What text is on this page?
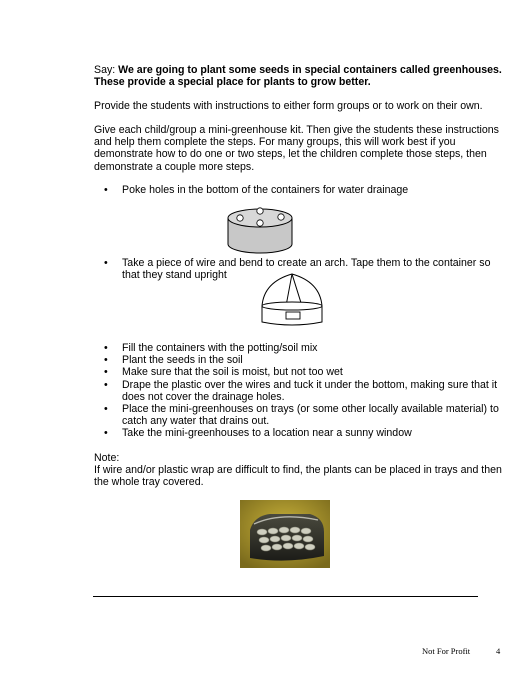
Say: We are going to plant some seeds in special containers called greenhouses. These provide a special place for plants to grow better.

Provide the students with instructions to either form groups or to work on their own.

Give each child/group a mini-greenhouse kit. Then give the students these instructions and help them complete the steps. For many groups, this will work best if you demonstrate how to do one or two steps, let the children complete those steps, then demonstrate a couple more steps.

• Poke holes in the bottom of the containers for water drainage
• Take a piece of wire and bend to create an arch. Tape them to the container so that they stand upright
• Fill the containers with the potting/soil mix
• Plant the seeds in the soil
• Make sure that the soil is moist, but not too wet
• Drape the plastic over the wires and tuck it under the bottom, making sure that it does not cover the drainage holes.
• Place the mini-greenhouses on trays (or some other locally available material) to catch any water that drains out.
• Take the mini-greenhouses to a location near a sunny window

Note:

If wire and/or plastic wrap are difficult to find, the plants can be placed in trays and then the whole tray covered.

Not For Profit	4
